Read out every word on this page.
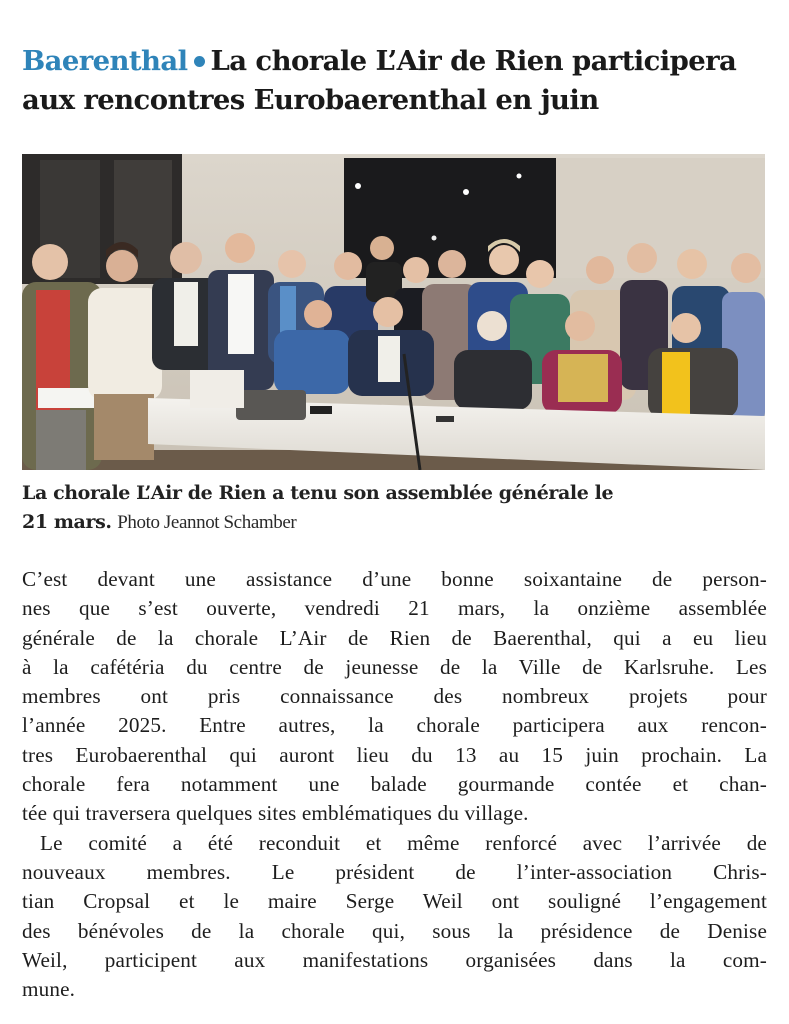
Baerenthal La chorale L’Air de Rien participera
aux rencontres Eurobaerenthal en juin
La chorale L’Air de Rien a tenu son assemblée générale le
21 mars. Photo Jeannot Schamber
C’est devant une assistance d’une bonne soixantaine de person-
nes que s’est ouverte, vendredi 21 mars, la onzième assemblée
générale de la chorale L’Air de Rien de Baerenthal, qui a eu lieu
à la cafétéria du centre de jeunesse de la Ville de Karlsruhe. Les
membres ont pris connaissance des nombreux projets pour
l’année 2025. Entre autres, la chorale participera aux rencon-
tres Eurobaerenthal qui auront lieu du 13 au 15 juin prochain. La
chorale fera notamment une balade gourmande contée et chan-
tée qui traversera quelques sites emblématiques du village.
Le comité a été reconduit et même renforcé avec l’arrivée de
nouveaux membres. Le président de l’inter-association Chris-
tian Cropsal et le maire Serge Weil ont souligné l’engagement
des bénévoles de la chorale qui, sous la présidence de Denise
Weil, participent aux manifestations organisées dans la com-
mune.
